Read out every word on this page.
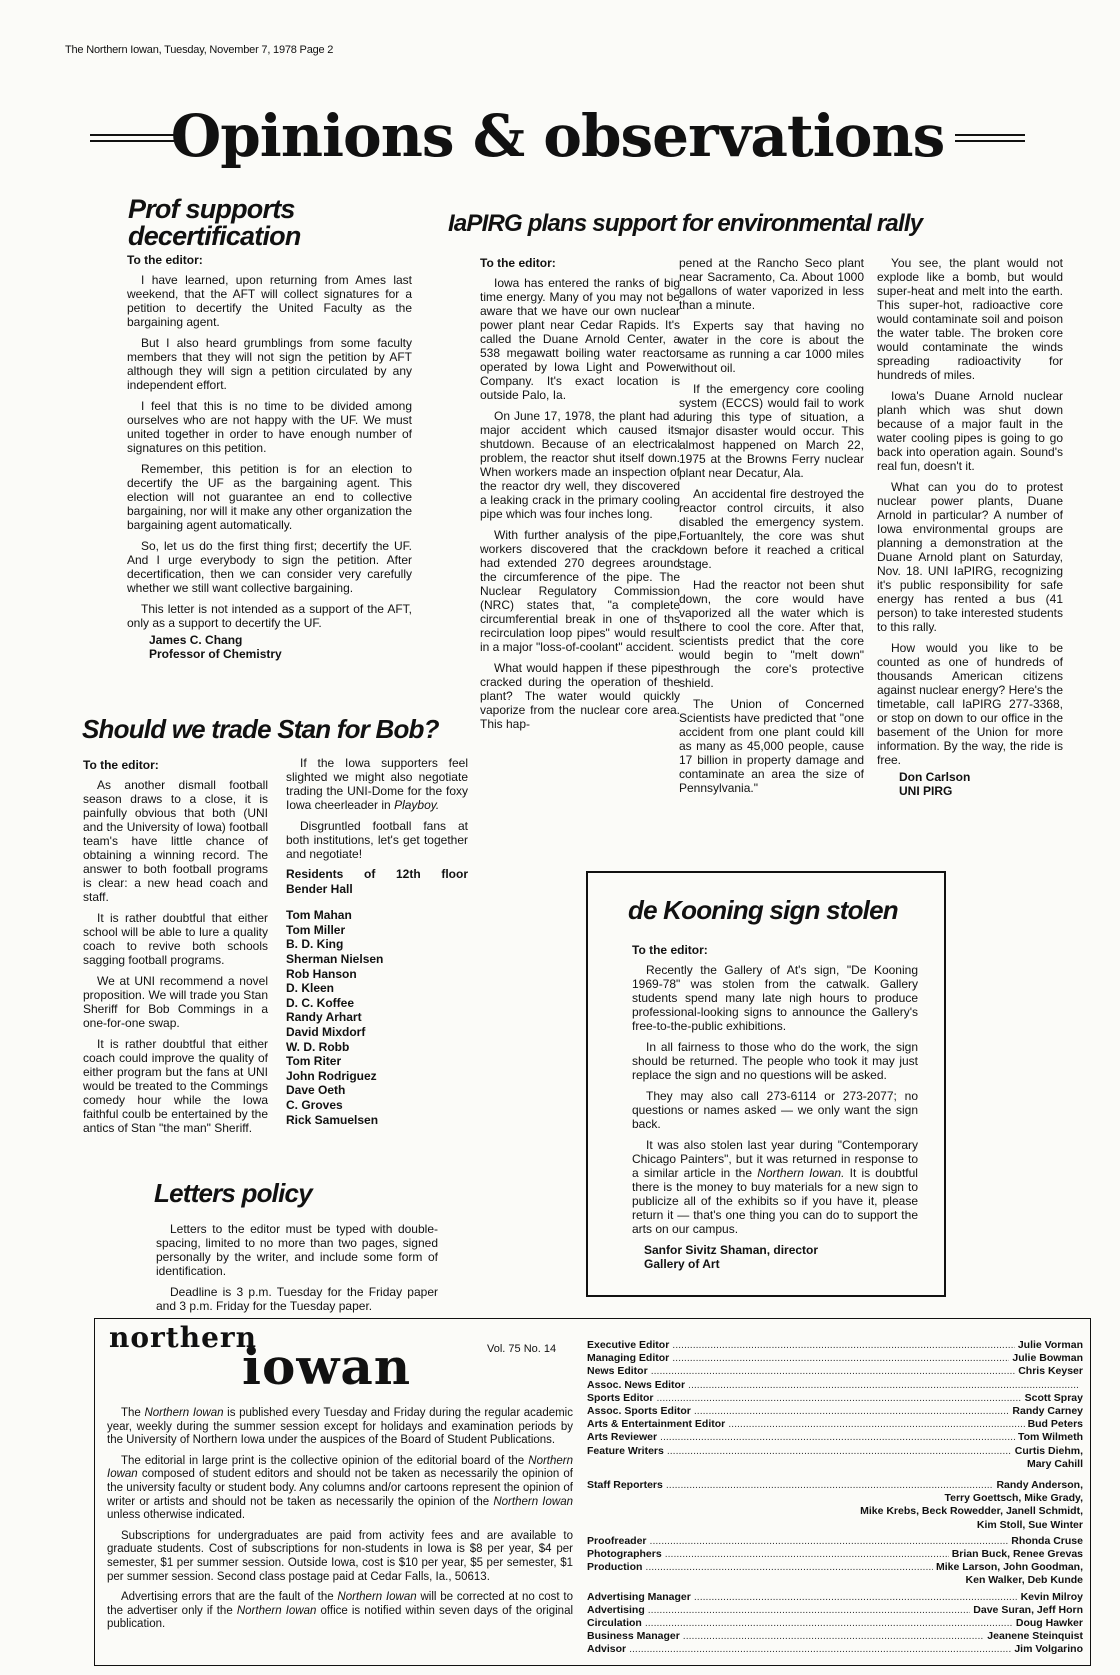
The Northern Iowan, Tuesday, November 7, 1978 Page 2
Opinions & observations
Prof supports
decertification
To the editor:

I have learned, upon returning from Ames last weekend, that the AFT will collect signatures for a petition to decertify the United Faculty as the bargaining agent.

But I also heard grumblings from some faculty members that they will not sign the petition by AFT although they will sign a petition circulated by any independent effort.

I feel that this is no time to be divided among ourselves who are not happy with the UF. We must united together in order to have enough number of signatures on this petition.

Remember, this petition is for an election to decertify the UF as the bargaining agent. This election will not guarantee an end to collective bargaining, nor will it make any other organization the bargaining agent automatically.

So, let us do the first thing first; decertify the UF. And I urge everybody to sign the petition. After decertification, then we can consider very carefully whether we still want collective bargaining.

This letter is not intended as a support of the AFT, only as a support to decertify the UF.

James C. Chang
Professor of Chemistry
IaPIRG plans support for environmental rally
To the editor:

Iowa has entered the ranks of big time energy. Many of you may not be aware that we have our own nuclear power plant near Cedar Rapids. It's called the Duane Arnold Center, a 538 megawatt boiling water reactor operated by Iowa Light and Power Company. It's exact location is outside Palo, Ia.

On June 17, 1978, the plant had a major accident which caused its shutdown. Because of an electrical problem, the reactor shut itself down. When workers made an inspection of the reactor dry well, they discovered a leaking crack in the primary cooling pipe which was four inches long.

With further analysis of the pipe, workers discovered that the crack had extended 270 degrees around the circumference of the pipe. The Nuclear Regulatory Commission (NRC) states that, "a complete circumferential break in one of ths recirculation loop pipes" would result in a major "loss-of-coolant" accident.

What would happen if these pipes cracked during the operation of the plant? The water would quickly vaporize from the nuclear core area. This hap-

pened at the Rancho Seco plant near Sacramento, Ca. About 1000 gallons of water vaporized in less than a minute.

Experts say that having no water in the core is about the same as running a car 1000 miles without oil.

If the emergency core cooling system (ECCS) would fail to work during this type of situation, a major disaster would occur. This almost happened on March 22, 1975 at the Browns Ferry nuclear plant near Decatur, Ala.

An accidental fire destroyed the reactor control circuits, it also disabled the emergency system. Fortuanltely, the core was shut down before it reached a critical stage.

Had the reactor not been shut down, the core would have vaporized all the water which is there to cool the core. After that, scientists predict that the core would begin to "melt down" through the core's protective shield.

The Union of Concerned Scientists have predicted that "one accident from one plant could kill as many as 45,000 people, cause 17 billion in property damage and contaminate an area the size of Pennsylvania."

You see, the plant would not explode like a bomb, but would super-heat and melt into the earth. This super-hot, radioactive core would contaminate soil and poison the water table. The broken core would contaminate the winds spreading radioactivity for hundreds of miles.

Iowa's Duane Arnold nuclear planh which was shut down because of a major fault in the water cooling pipes is going to go back into operation again. Sound's real fun, doesn't it.

What can you do to protest nuclear power plants, Duane Arnold in particular? A number of Iowa environmental groups are planning a demonstration at the Duane Arnold plant on Saturday, Nov. 18. UNI IaPIRG, recognizing it's public responsibility for safe energy has rented a bus (41 person) to take interested students to this rally.

How would you like to be counted as one of hundreds of thousands American citizens against nuclear energy? Here's the timetable, call IaPIRG 277-3368, or stop on down to our office in the basement of the Union for more information. By the way, the ride is free.

Don Carlson
UNI PIRG
Should we trade Stan for Bob?
To the editor:

As another dismall football season draws to a close, it is painfully obvious that both (UNI and the University of Iowa) football team's have little chance of obtaining a winning record. The answer to both football programs is clear: a new head coach and staff.

It is rather doubtful that either school will be able to lure a quality coach to revive both schools sagging football programs.

We at UNI recommend a novel proposition. We will trade you Stan Sheriff for Bob Commings in a one-for-one swap.

It is rather doubtful that either coach could improve the quality of either program but the fans at UNI would be treated to the Commings comedy hour while the Iowa faithful coulb be entertained by the antics of Stan "the man" Sheriff.

If the Iowa supporters feel slighted we might also negotiate trading the UNI-Dome for the foxy Iowa cheerleader in Playboy.

Disgruntled football fans at both institutions, let's get together and negotiate!

Residents of 12th floor
Bender Hall
Tom Mahan
Tom Miller
B. D. King
Sherman Nielsen
Rob Hanson
D. Kleen
D. C. Koffee
Randy Arhart
David Mixdorf
W. D. Robb
Tom Riter
John Rodriguez
Dave Oeth
C. Groves
Rick Samuelsen
de Kooning sign stolen
To the editor:

Recently the Gallery of At's sign, "De Kooning 1969-78" was stolen from the catwalk. Gallery students spend many late nigh hours to produce professional-looking signs to announce the Gallery's free-to-the-public exhibitions.

In all fairness to those who do the work, the sign should be returned. The people who took it may just replace the sign and no questions will be asked.

They may also call 273-6114 or 273-2077; no questions or names asked — we only want the sign back.

It was also stolen last year during "Contemporary Chicago Painters", but it was returned in response to a similar article in the Northern Iowan. It is doubtful there is the money to buy materials for a new sign to publicize all of the exhibits so if you have it, please return it — that's one thing you can do to support the arts on our campus.

Sanfor Sivitz Shaman, director
Gallery of Art
Letters policy

Letters to the editor must be typed with double-spacing, limited to no more than two pages, signed personally by the writer, and include some form of identification.

Deadline is 3 p.m. Tuesday for the Friday paper and 3 p.m. Friday for the Tuesday paper.

northern
iowan	Vol. 75 No. 14

The Northern Iowan is published every Tuesday and Friday during the regular academic year, weekly during the summer session except for holidays and examination periods by the University of Northern Iowa under the auspices of the Board of Student Publications.

The editorial in large print is the collective opinion of the editorial board of the Northern Iowan composed of student editors and should not be taken as necessarily the opinion of the university faculty or student body. Any columns and/or cartoons represent the opinion of writer or artists and should not be taken as necessarily the opinion of the Northern Iowan unless otherwise indicated.

Subscriptions for undergraduates are paid from activity fees and are available to graduate students. Cost of subscriptions for non-students in Iowa is $8 per year, $4 per semester, $1 per summer session. Outside Iowa, cost is $10 per year, $5 per semester, $1 per summer session. Second class postage paid at Cedar Falls, Ia., 50613.

Advertising errors that are the fault of the Northern Iowan will be corrected at no cost to the advertiser only if the Northern Iowan office is notified within seven days of the original publication.

Executive Editor .....	Julie Vorman
Managing Editor .....	Julie Bowman
News Editor .....	Chris Keyser
Assoc. News Editor
.....
Sports Editor .....	Scott Spray
Assoc. Sports Editor .....	Randy Carney
Arts & Entertainment Editor .....	Bud Peters
Arts Reviewer .....	Tom Wilmeth
Feature Writers .....	Curtis Diehm,
Mary Cahill
Staff Reporters .....	Randy Anderson,
Terry Goettsch, Mike Grady,
Mike Krebs, Beck Rowedder, Janell Schmidt,
Kim Stoll, Sue Winter
Proofreader .....	Rhonda Cruse
Photographers .....	Brian Buck, Renee Grevas
Production .....	Mike Larson, John Goodman,
Ken Walker, Deb Kunde
Advertising Manager .....	Kevin Milroy
Advertising .....	Dave Suran, Jeff Horn
Circulation .....	Doug Hawker
Business Manager .....	Jeanene Steinquist
Advisor .....	Jim Volgarino
